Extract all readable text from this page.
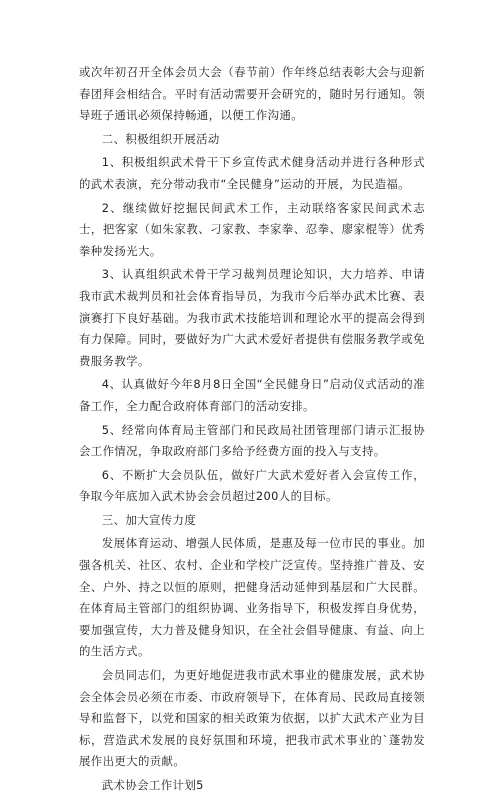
或次年初召开全体会员大会（春节前）作年终总结表彰大会与迎新春团拜会相结合。平时有活动需要开会研究的，随时另行通知。领导班子通讯必须保持畅通，以便工作沟通。

二、积极组织开展活动

1、积极组织武术骨干下乡宣传武术健身活动并进行各种形式的武术表演，充分带动我市“全民健身”运动的开展，为民造福。

2、继续做好挖掘民间武术工作，主动联络客家民间武术志士，把客家（如朱家教、刁家教、李家拳、忍拳、廖家棍等）优秀拳种发扬光大。

3、认真组织武术骨干学习裁判员理论知识，大力培养、申请我市武术裁判员和社会体育指导员，为我市今后举办武术比赛、表演赛打下良好基础。为我市武术技能培训和理论水平的提高会得到有力保障。同时，要做好为广大武术爱好者提供有偿服务教学或免费服务教学。

4、认真做好今年8月8日全国“全民健身日”启动仪式活动的准备工作，全力配合政府体育部门的活动安排。

5、经常向体育局主管部门和民政局社团管理部门请示汇报协会工作情况，争取政府部门多给予经费方面的投入与支持。

6、不断扩大会员队伍，做好广大武术爱好者入会宣传工作，争取今年底加入武术协会会员超过200人的目标。

三、加大宣传力度

发展体育运动、增强人民体质，是惠及每一位市民的事业。加强各机关、社区、农村、企业和学校广泛宣传。坚持推广普及、安全、户外、持之以恒的原则，把健身活动延伸到基层和广大民群。在体育局主管部门的组织协调、业务指导下，积极发挥自身优势，要加强宣传，大力普及健身知识，在全社会倡导健康、有益、向上的生活方式。

会员同志们，为更好地促进我市武术事业的健康发展，武术协会全体会员必须在市委、市政府领导下，在体育局、民政局直接领导和监督下，以党和国家的相关政策为依据，以扩大武术产业为目标，营造武术发展的良好氛围和环境，把我市武术事业的`蓬勃发展作出更大的贡献。

武术协会工作计划5
